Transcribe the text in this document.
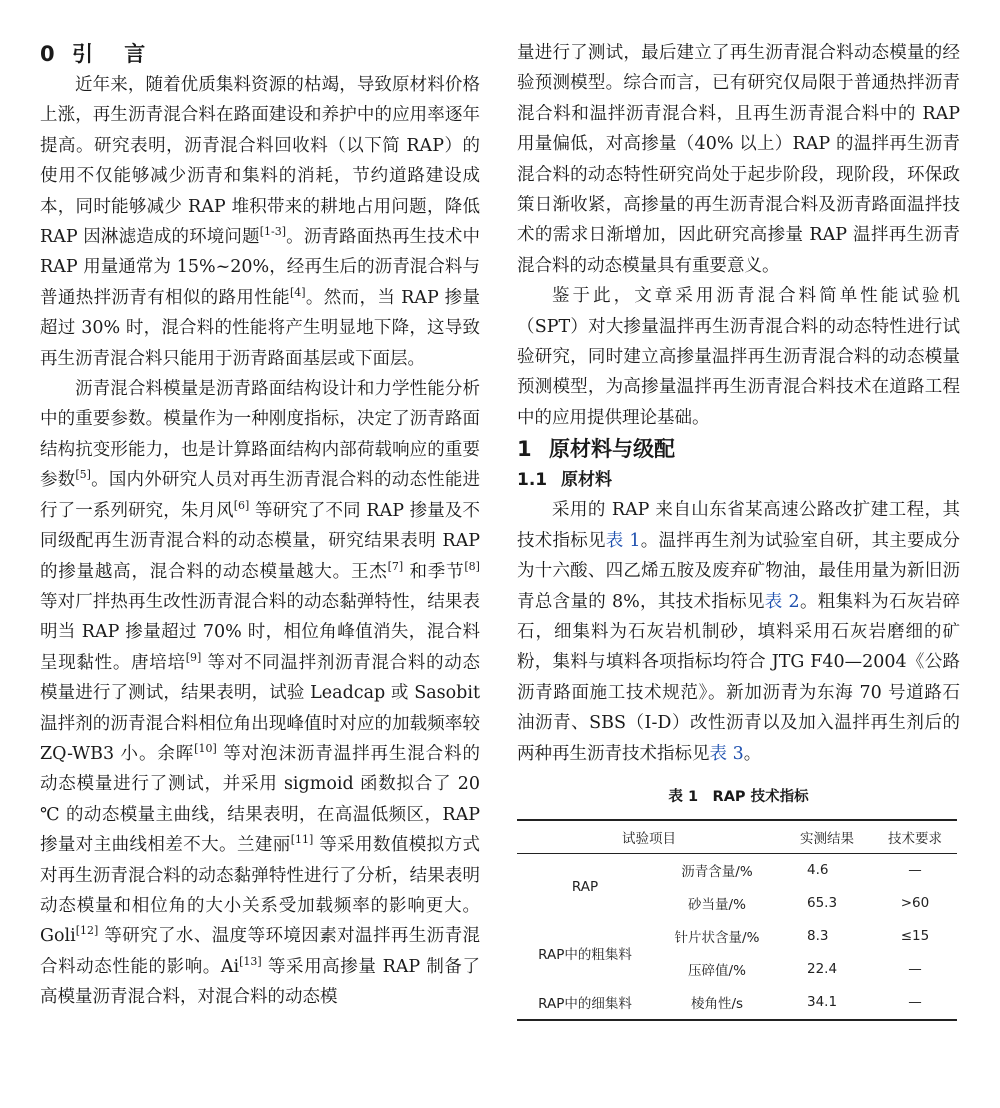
0 引 言

近年来，随着优质集料资源的枯竭，导致原材料价格上涨，再生沥青混合料在路面建设和养护中的应用率逐年提高。研究表明，沥青混合料回收料（以下简 RAP）的使用不仅能够减少沥青和集料的消耗，节约道路建设成本，同时能够减少 RAP 堆积带来的耕地占用问题，降低 RAP 因淋滤造成的环境问题[1-3]。沥青路面热再生技术中 RAP 用量通常为 15%~20%，经再生后的沥青混合料与普通热拌沥青有相似的路用性能[4]。然而，当 RAP 掺量超过 30% 时，混合料的性能将产生明显地下降，这导致再生沥青混合料只能用于沥青路面基层或下面层。

沥青混合料模量是沥青路面结构设计和力学性能分析中的重要参数。模量作为一种刚度指标，决定了沥青路面结构抗变形能力，也是计算路面结构内部荷载响应的重要参数[5]。国内外研究人员对再生沥青混合料的动态性能进行了一系列研究，朱月风[6] 等研究了不同 RAP 掺量及不同级配再生沥青混合料的动态模量，研究结果表明 RAP 的掺量越高，混合料的动态模量越大。王杰[7] 和季节[8] 等对厂拌热再生改性沥青混合料的动态黏弹特性，结果表明当 RAP 掺量超过 70% 时，相位角峰值消失，混合料呈现黏性。唐培培[9] 等对不同温拌剂沥青混合料的动态模量进行了测试，结果表明，试验 Leadcap 或 Sasobit 温拌剂的沥青混合料相位角出现峰值时对应的加载频率较 ZQ-WB3 小。余晖[10] 等对泡沫沥青温拌再生混合料的动态模量进行了测试，并采用 sigmoid 函数拟合了 20 ℃ 的动态模量主曲线，结果表明，在高温低频区，RAP 掺量对主曲线相差不大。兰建丽[11] 等采用数值模拟方式对再生沥青混合料的动态黏弹特性进行了分析，结果表明动态模量和相位角的大小关系受加载频率的影响更大。Goli[12] 等研究了水、温度等环境因素对温拌再生沥青混合料动态性能的影响。Ai[13] 等采用高掺量 RAP 制备了高模量沥青混合料，对混合料的动态模

量进行了测试，最后建立了再生沥青混合料动态模量的经验预测模型。综合而言，已有研究仅局限于普通热拌沥青混合料和温拌沥青混合料，且再生沥青混合料中的 RAP 用量偏低，对高掺量（40% 以上）RAP 的温拌再生沥青混合料的动态特性研究尚处于起步阶段，现阶段，环保政策日渐收紧，高掺量的再生沥青混合料及沥青路面温拌技术的需求日渐增加，因此研究高掺量 RAP 温拌再生沥青混合料的动态模量具有重要意义。

鉴于此，文章采用沥青混合料简单性能试验机（SPT）对大掺量温拌再生沥青混合料的动态特性进行试验研究，同时建立高掺量温拌再生沥青混合料的动态模量预测模型，为高掺量温拌再生沥青混合料技术在道路工程中的应用提供理论基础。

1 原材料与级配
1.1 原材料

采用的 RAP 来自山东省某高速公路改扩建工程，其技术指标见表 1。温拌再生剂为试验室自研，其主要成分为十六酸、四乙烯五胺及废弃矿物油，最佳用量为新旧沥青总含量的 8%，其技术指标见表 2。粗集料为石灰岩碎石，细集料为石灰岩机制砂，填料采用石灰岩磨细的矿粉，集料与填料各项指标均符合 JTG F40—2004《公路沥青路面施工技术规范》。新加沥青为东海 70 号道路石油沥青、SBS（I-D）改性沥青以及加入温拌再生剂后的两种再生沥青技术指标见表 3。

表 1　RAP 技术指标
试验项目		实测结果	技术要求
RAP	沥青含量/%	4.6	—
	砂当量/%	65.3	>60
RAP中的粗集料	针片状含量/%	8.3	≤15
	压碎值/%	22.4	—
RAP中的细集料	棱角性/s	34.1	—
